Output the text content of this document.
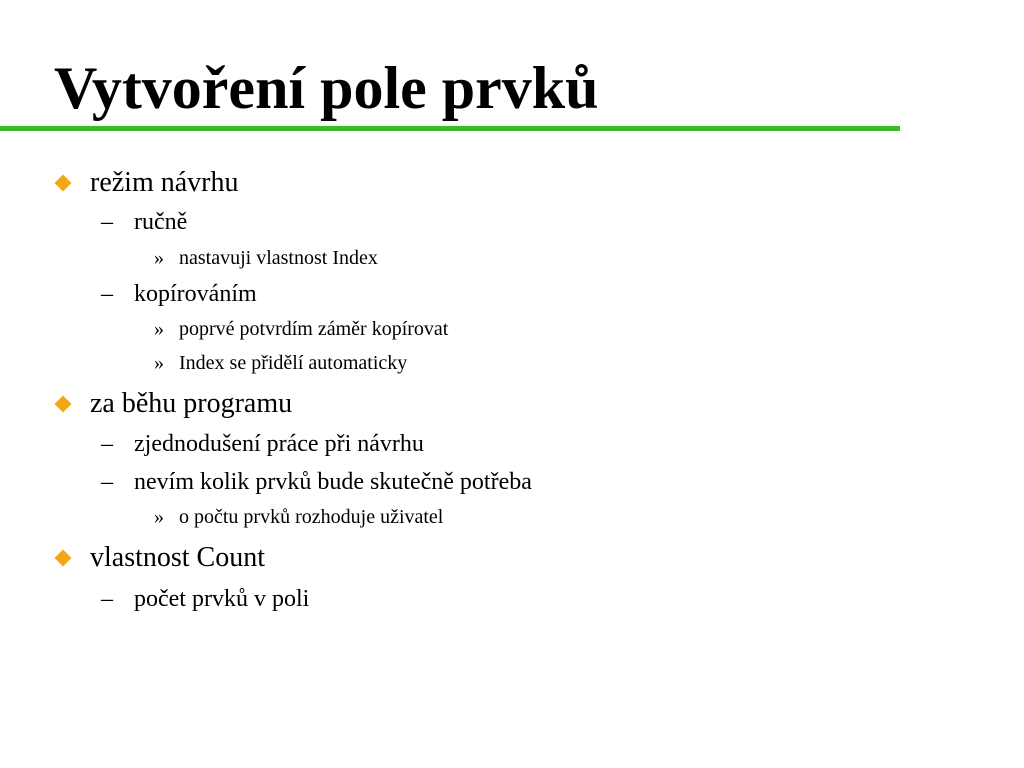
Vytvoření pole prvků
režim návrhu
– ručně
» nastavuji vlastnost Index
– kopírováním
» poprvé potvrdím záměr kopírovat
» Index se přidělí automaticky
za běhu programu
– zjednodušení práce při návrhu
– nevím kolik prvků bude skutečně potřeba
» o počtu prvků rozhoduje uživatel
vlastnost Count
– počet prvků v poli
